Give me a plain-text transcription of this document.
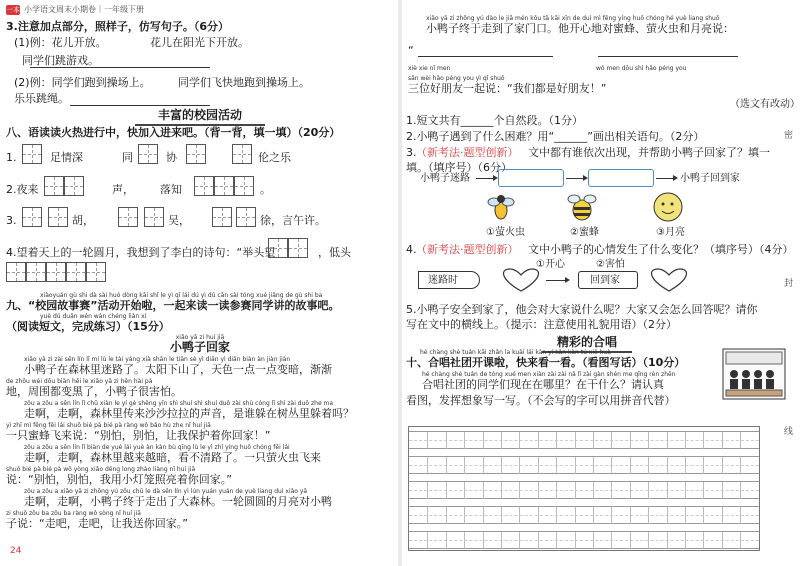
一本 小学语文周末小期卷｜一年级下册
3.注意加点部分，照样子，仿写句子。（6分）
(1)例：花儿开放。	花儿在阳光下开放。
同学们跳游戏。
(2)例：同学们跑到操场上。 同学们飞快地跑到操场上。
乐乐跳绳。
丰富的校园活动
八、语读读火热进行中，快加入进来吧。（背一背，填一填）（20分）
1.	足情深	同	协	伦之乐
2.夜来	声， 落知	。
3.	胡，	吴，	徐，言午许。
4.望着天上的一轮圆月，我想到了李白的诗句：“举头望	，低头
xiàoyuán gù shi dà sài huó dòng kāi shǐ le yì qǐ lái dú yì dú cān sài tóng xué jiǎng de gù shi ba
九、“校园故事赛”活动开始啦，一起来读一读参赛同学讲的故事吧。
yuè dú duǎn wén wán chéng liàn xí
（阅读短文，完成练习）（15分）
xiǎo yā zi huí jiā
小鸭子回家
xiǎo yā zi zài sēn lín lǐ mí lù le tài yáng xià shān le tiān sè yì diǎn yì diǎn biàn àn jiàn jiàn
小鸭子在森林里迷路了。太阳下山了，天色一点一点变暗，渐渐
de zhōu wéi dōu biàn hēi le xiǎo yā zi hěn hài pà
地，周围都变黑了，小鸭子很害怕。
zǒu a zǒu a sēn lín lǐ chū xiàn le yí gè shēng yīn shì shuí shì shuí duǒ zài shù cóng lǐ shì zài duǒ zhe ma
走啊，走啊，森林里传来沙沙拉拉的声音，是谁躲在树丛里躲着吗？
yì zhī mì fēng fēi lái shuō bié pà bié pà ràng wǒ bǎo hù zhe nǐ huí jiā
一只蜜蜂飞来说：“别怕，别怕，让我保护着你回家！”
zǒu a zǒu a sēn lín lǐ biàn de yuè lái yuè àn kàn bù qīng lù le yì zhī yíng huǒ chóng fēi lái
走啊，走啊，森林里越来越暗，看不清路了。一只萤火虫飞来
shuō bié pà bié pà wǒ yòng xiǎo dēng long zhào liàng nǐ huí jiā
说：“别怕，别怕，我用小灯笼照亮着你回家。”
zǒu a zǒu a xiǎo yā zi zhōng yú zǒu chū le dà sēn lín yì lún yuán yuán de yuè liang duì xiǎo yā
走啊，走啊，小鸭子终于走出了大森林。一轮圆圆的月亮对小鸭
zi shuō zǒu ba zǒu ba ràng wǒ sòng nǐ huí jiā
子说：“走吧，走吧，让我送你回家。”
24
xiǎo yā zi zhōng yú dào le jiā mén kǒu tā kāi xīn de duì mì fēng yíng huǒ chóng hé yuè liang shuō
小鸭子终于走到了家门口。他开心地对蜜蜂、萤火虫和月亮说：
“
xiè xie nǐ men	wǒ men dōu shì hǎo péng you
sān wèi hǎo péng you yì qǐ shuō
三位好朋友一起说：“我们都是好朋友！”
（选文有改动）
1.短文共有______个自然段。（1分）
2.小鸭子遇到了什么困难？用“______”画出相关语句。（2分）
3. （新考法·题型创新） 文中都有谁依次出现，并帮助小鸭子回家了？填一
填。（填序号）（6分）
小鸭子迷路	小鸭子回到家
①萤火虫	②蜜蜂	③月亮
4. （新考法·题型创新） 文中小鸭子的心情发生了什么变化？（填序号）（4分）
①开心	②害怕
迷路时	回到家
5.小鸭子安全到家了，他会对大家说什么呢？大家又会怎么回答呢？请你
写在文中的横线上。（提示：注意使用礼貌用语）（2分）
精彩的合唱
hé chàng shè tuán kāi zhǎn la kuài lái kàn yí kàn kàn tú xiě huà
十、合唱社团开课啦，快来看一看。（看图写话）（10分）
hé chàng shè tuán de tóng xué men xiàn zài zài nǎ lǐ zài gàn shén me qǐng rèn zhēn
合唱社团的同学们现在在哪里？在干什么？请认真
看图，发挥想象写一写。（不会写的字可以用拼音代替）
密
封
线
